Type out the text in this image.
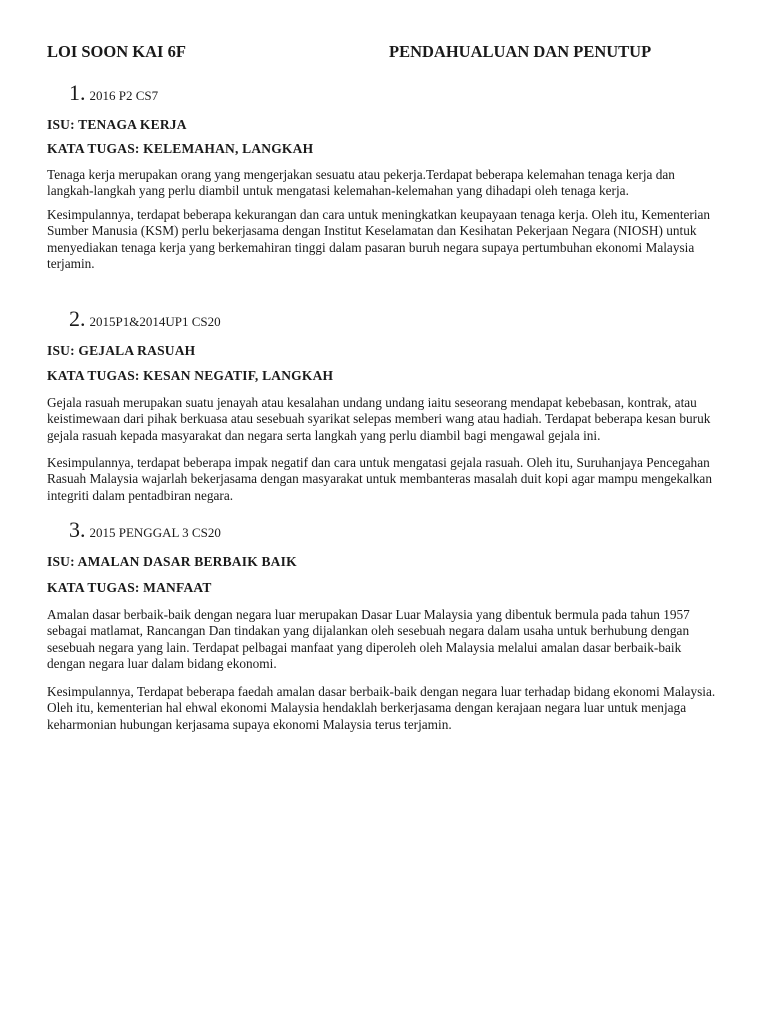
LOI SOON KAI 6F	PENDAHUALUAN DAN PENUTUP
1. 2016 P2 CS7
ISU: TENAGA KERJA
KATA TUGAS: KELEMAHAN, LANGKAH
Tenaga kerja merupakan orang yang mengerjakan sesuatu atau pekerja.Terdapat beberapa kelemahan tenaga kerja dan langkah-langkah yang perlu diambil untuk mengatasi kelemahan-kelemahan yang dihadapi oleh tenaga kerja.
Kesimpulannya, terdapat beberapa kekurangan dan cara untuk meningkatkan keupayaan tenaga kerja. Oleh itu, Kementerian Sumber Manusia (KSM) perlu bekerjasama dengan Institut Keselamatan dan Kesihatan Pekerjaan Negara (NIOSH) untuk menyediakan tenaga kerja yang berkemahiran tinggi dalam pasaran buruh negara supaya pertumbuhan ekonomi Malaysia terjamin.
2. 2015P1&2014UP1 CS20
ISU: GEJALA RASUAH
KATA TUGAS: KESAN NEGATIF, LANGKAH
Gejala rasuah merupakan suatu jenayah atau kesalahan undang undang iaitu seseorang mendapat kebebasan, kontrak, atau keistimewaan dari pihak berkuasa atau sesebuah syarikat selepas memberi wang atau hadiah. Terdapat beberapa kesan buruk gejala rasuah kepada masyarakat dan negara serta langkah yang perlu diambil bagi mengawal gejala ini.
Kesimpulannya, terdapat beberapa impak negatif dan cara untuk mengatasi gejala rasuah. Oleh itu, Suruhanjaya Pencegahan Rasuah Malaysia wajarlah bekerjasama dengan masyarakat untuk membanteras masalah duit kopi agar mampu mengekalkan integriti dalam pentadbiran negara.
3. 2015 PENGGAL 3 CS20
ISU: AMALAN DASAR BERBAIK BAIK
KATA TUGAS: MANFAAT
Amalan dasar berbaik-baik dengan negara luar merupakan Dasar Luar Malaysia yang dibentuk bermula pada tahun 1957 sebagai matlamat, Rancangan Dan tindakan yang dijalankan oleh sesebuah negara dalam usaha untuk berhubung dengan sesebuah negara yang lain. Terdapat pelbagai manfaat yang diperoleh oleh Malaysia melalui amalan dasar berbaik-baik dengan negara luar dalam bidang ekonomi.
Kesimpulannya, Terdapat beberapa faedah amalan dasar berbaik-baik dengan negara luar terhadap bidang ekonomi Malaysia. Oleh itu, kementerian hal ehwal ekonomi Malaysia hendaklah berkerjasama dengan kerajaan negara luar untuk menjaga keharmonian hubungan kerjasama supaya ekonomi Malaysia terus terjamin.
